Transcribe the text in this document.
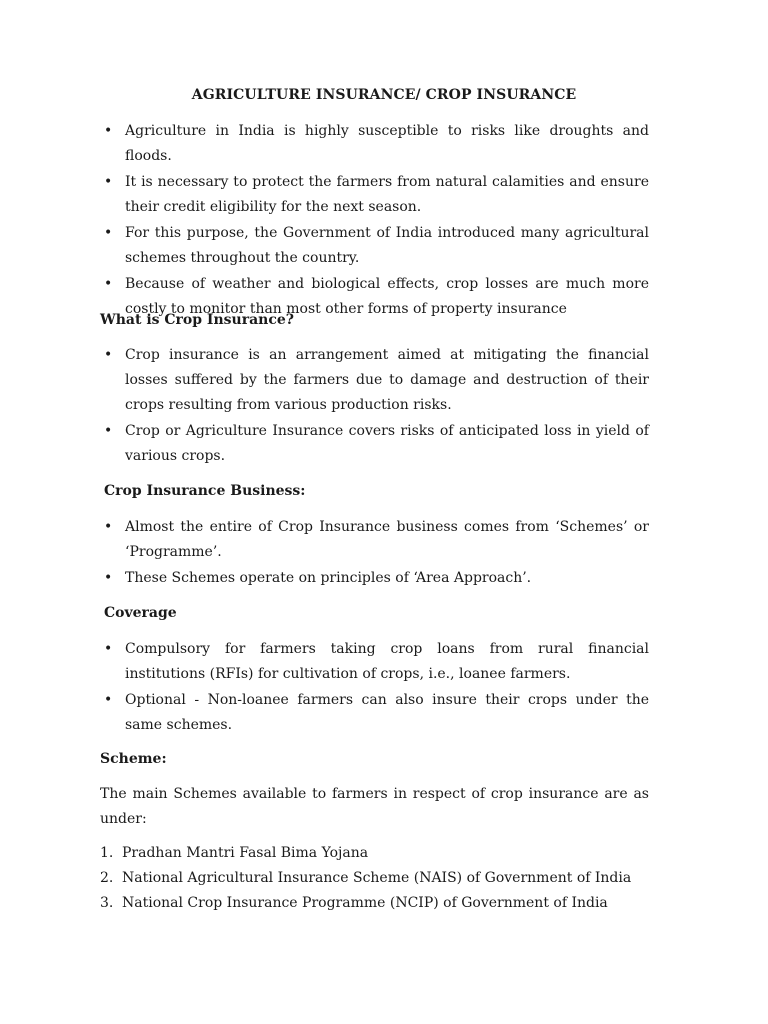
AGRICULTURE INSURANCE/ CROP INSURANCE
• Agriculture in India is highly susceptible to risks like droughts and floods.
• It is necessary to protect the farmers from natural calamities and ensure their credit eligibility for the next season.
• For this purpose, the Government of India introduced many agricultural schemes throughout the country.
• Because of weather and biological effects, crop losses are much more costly to monitor than most other forms of property insurance
What is Crop Insurance?
• Crop insurance is an arrangement aimed at mitigating the financial losses suffered by the farmers due to damage and destruction of their crops resulting from various production risks.
• Crop or Agriculture Insurance covers risks of anticipated loss in yield of various crops.
Crop Insurance Business:
• Almost the entire of Crop Insurance business comes from ‘Schemes’ or ‘Programme’.
• These Schemes operate on principles of ‘Area Approach’.
Coverage
• Compulsory for farmers taking crop loans from rural financial institutions (RFIs) for cultivation of crops, i.e., loanee farmers.
• Optional - Non-loanee farmers can also insure their crops under the same schemes.
Scheme:
The main Schemes available to farmers in respect of crop insurance are as under:
1. Pradhan Mantri Fasal Bima Yojana
2. National Agricultural Insurance Scheme (NAIS) of Government of India
3. National Crop Insurance Programme (NCIP) of Government of India
